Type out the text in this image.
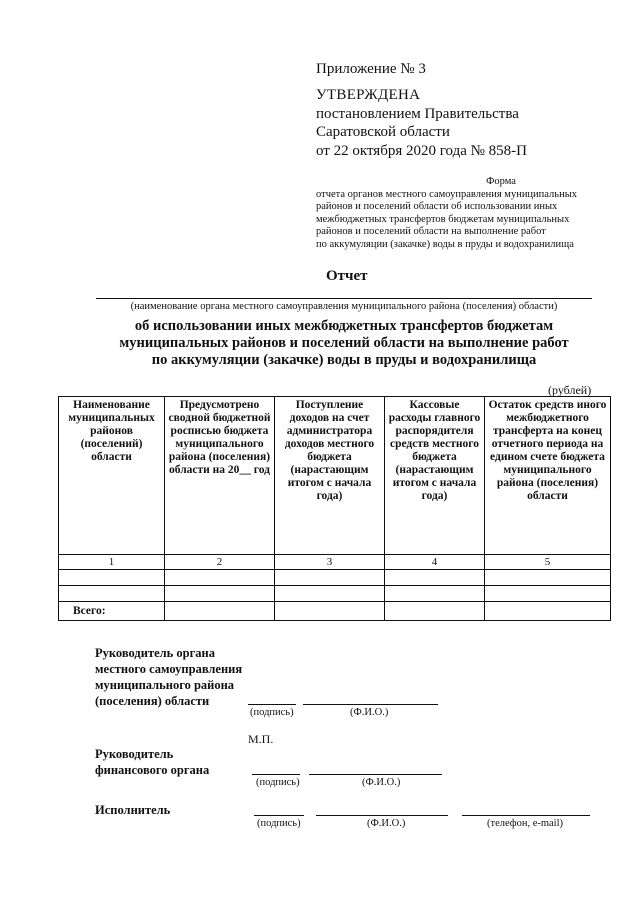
Приложение № 3
УТВЕРЖДЕНА
постановлением Правительства
Саратовской области
от 22 октября 2020 года № 858-П
Форма
отчета органов местного самоуправления муниципальных
районов и поселений области об использовании иных
межбюджетных трансфертов бюджетам муниципальных
районов и поселений области на выполнение работ
по аккумуляции (закачке) воды в пруды и водохранилища
Отчет
(наименование органа местного самоуправления муниципального района (поселения) области)
об использовании иных межбюджетных трансфертов бюджетам
муниципальных районов и поселений области на выполнение работ
по аккумуляции (закачке) воды в пруды и водохранилища
(рублей)
Наименование муниципальных районов (поселений) области	Предусмотрено сводной бюджетной росписью бюджета муниципального района (поселения) области на 20__ год	Поступление доходов на счет администратора доходов местного бюджета (нарастающим итогом с начала года)	Кассовые расходы главного распорядителя средств местного бюджета (нарастающим итогом с начала года)	Остаток средств иного межбюджетного трансферта на конец отчетного периода на едином счете бюджета муниципального района (поселения) области
1	2	3	4	5

Всего:				
Руководитель органа
местного самоуправления
муниципального района
(поселения) области
(подпись)	(Ф.И.О.)
М.П.
Руководитель
финансового органа
(подпись)	(Ф.И.О.)
Исполнитель
(подпись)	(Ф.И.О.)	(телефон, e-mail)
